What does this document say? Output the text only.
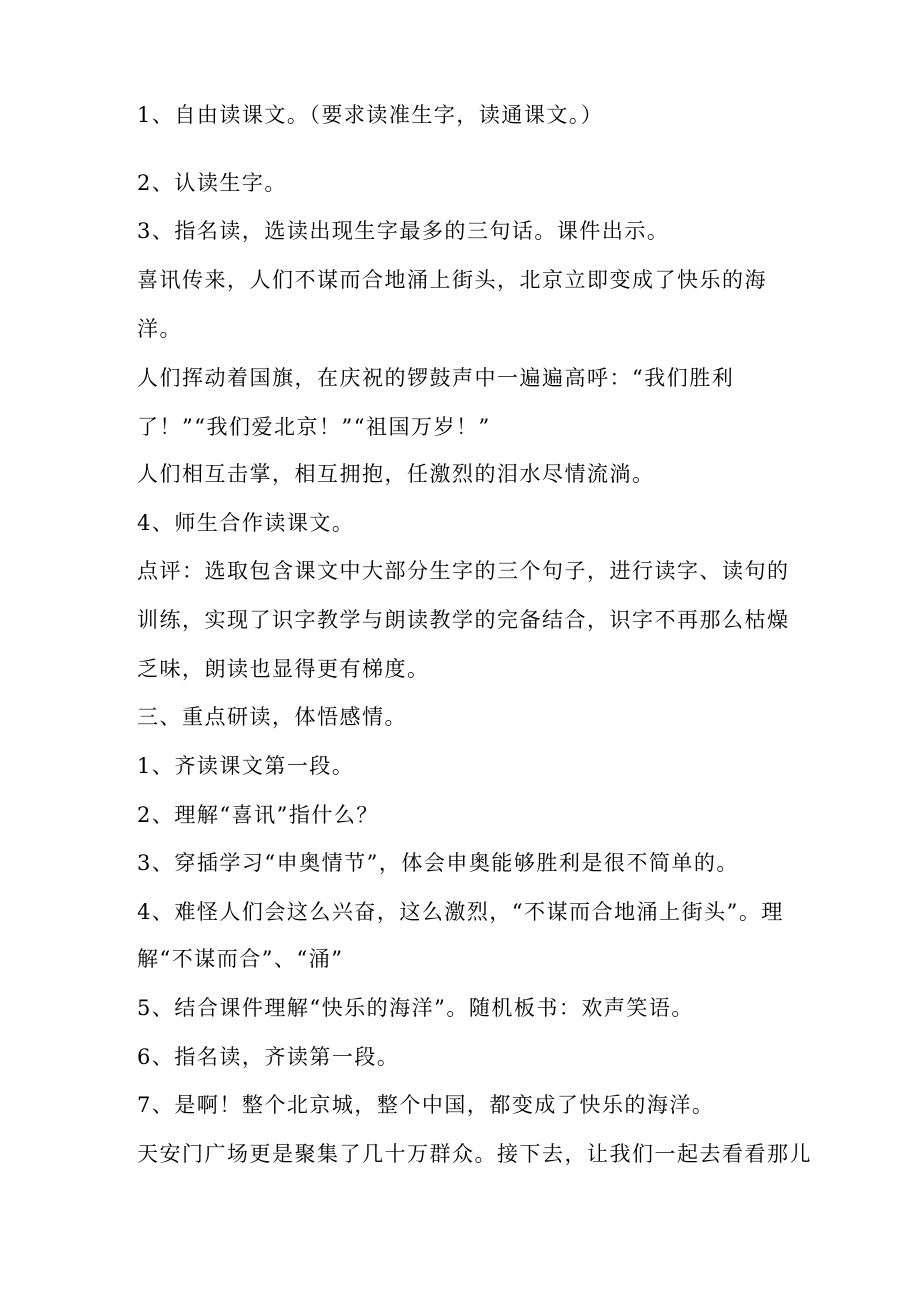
1、自由读课文。（要求读准生字，读通课文。）

2、认读生字。

3、指名读，选读出现生字最多的三句话。课件出示。

喜讯传来，人们不谋而合地涌上街头，北京立即变成了快乐的海

洋。

人们挥动着国旗，在庆祝的锣鼓声中一遍遍高呼：“我们胜利

了！”“我们爱北京！”“祖国万岁！”

人们相互击掌，相互拥抱，任激烈的泪水尽情流淌。

4、师生合作读课文。

点评：选取包含课文中大部分生字的三个句子，进行读字、读句的

训练，实现了识字教学与朗读教学的完备结合，识字不再那么枯燥

乏味，朗读也显得更有梯度。

三、重点研读，体悟感情。

1、齐读课文第一段。

2、理解“喜讯”指什么？

3、穿插学习“申奥情节”，体会申奥能够胜利是很不简单的。

4、难怪人们会这么兴奋，这么激烈，“不谋而合地涌上街头”。理

解“不谋而合”、“涌”

5、结合课件理解“快乐的海洋”。随机板书：欢声笑语。

6、指名读，齐读第一段。

7、是啊！整个北京城，整个中国，都变成了快乐的海洋。

天安门广场更是聚集了几十万群众。接下去，让我们一起去看看那儿
